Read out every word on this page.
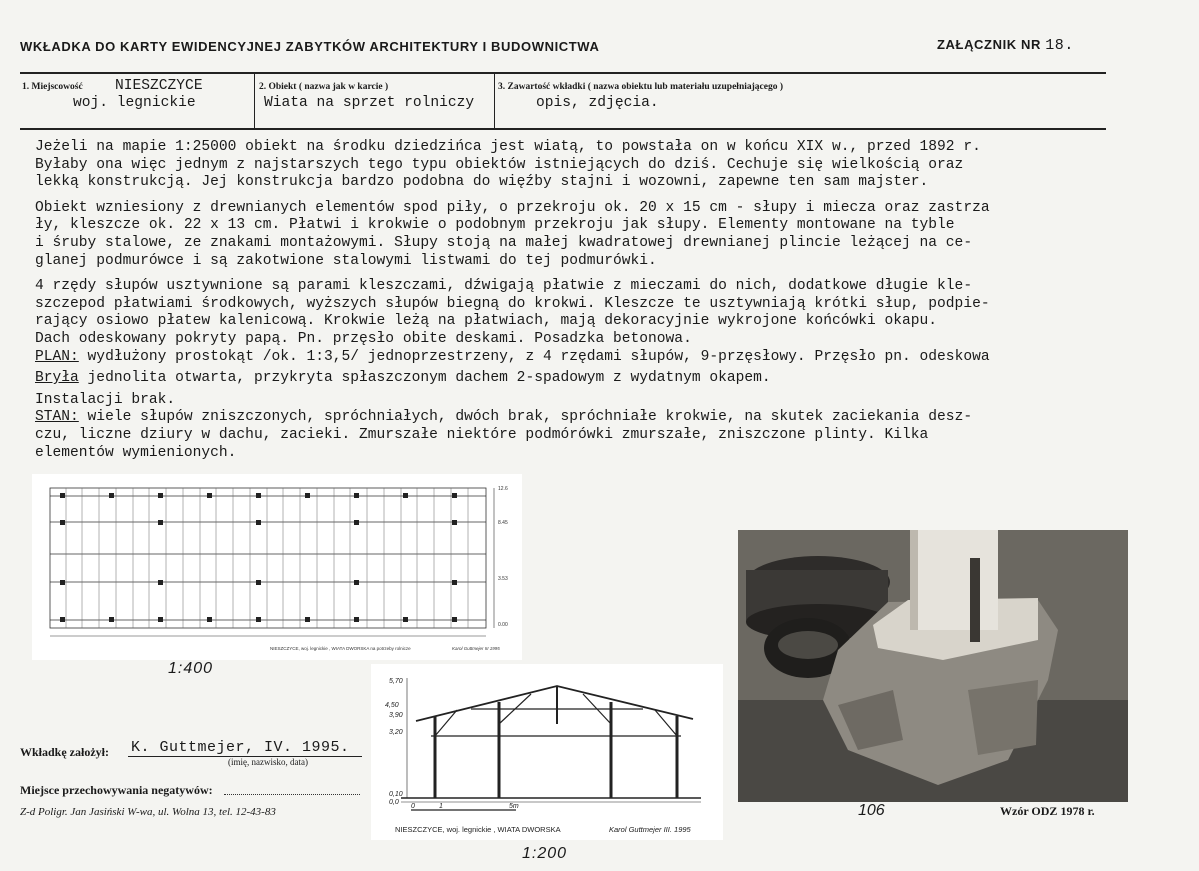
WKŁADKA DO KARTY EWIDENCYJNEJ ZABYTKÓW ARCHITEKTURY I BUDOWNICTWA	ZAŁĄCZNIK NR 18.
1. Miejscowość NIESZCZYCE
woj. legnickie
2. Obiekt ( nazwa jak w karcie )
Wiata na sprzet rolniczy
3. Zawartość wkładki ( nazwa obiektu lub materiału uzupełniającego )
opis, zdjęcia.

Jeżeli na mapie 1:25000 obiekt na środku dziedzińca jest wiatą, to powstała on w końcu XIX w., przed 1892 r.

Byłaby ona więc jednym z najstarszych tego typu obiektów istniejących do dziś. Cechuje się wielkością oraz

lekką konstrukcją. Jej konstrukcja bardzo podobna do więźby stajni i wozowni, zapewne ten sam majster.

Obiekt wzniesiony z drewnianych elementów spod piły, o przekroju ok. 20 x 15 cm - słupy i miecza oraz zastrza

ły, kleszcze ok. 22 x 13 cm. Płatwi i krokwie o podobnym przekroju jak słupy. Elementy montowane na tyble

i śruby stalowe, ze znakami montażowymi. Słupy stoją na małej kwadratowej drewnianej plincie leżącej na ce-

glanej podmurówce i są zakotwione stalowymi listwami do tej podmurówki.

4 rzędy słupów usztywnione są parami kleszczami, dźwigają płatwie z mieczami do nich, dodatkowe długie kle-

szczepod płatwiami środkowych, wyższych słupów biegną do krokwi. Kleszcze te usztywniają krótki słup, podpie-

rający osiowo płatew kalenicową. Krokwie leżą na płatwiach, mają dekoracyjnie wykrojone końcówki okapu.

Dach odeskowany pokryty papą. Pn. przęsło obite deskami. Posadzka betonowa.

PLAN: wydłużony prostokąt /ok. 1:3,5/ jednoprzestrzeny, z 4 rzędami słupów, 9-przęsłowy. Przęsło pn. odeskowa

Bryła jednolita otwarta, przykryta spłaszczonym dachem 2-spadowym z wydatnym okapem.

Instalacji brak.

STAN: wiele słupów zniszczonych, spróchniałych, dwóch brak, spróchniałe krokwie, na skutek zaciekania desz-

czu, liczne dziury w dachu, zacieki. Zmurszałe niektóre podmórówki zmurszałe, zniszczone plinty. Kilka

elementów wymienionych.

12.6
8.45
3.53
0.00
NIESZCZYCE, woj. legnickie , WIATA DWORSKA na potrzeby rolnicze	Karol Guttmejer III 1995
1:400
5,70
4,50
3,90
3,20
0,10
0,0
0	1	5m
NIESZCZYCE, woj. legnickie , WIATA DWORSKA	Karol Guttmejer III. 1995
1:200
106
Wkładkę założył: K. Guttmejer, IV. 1995.
(imię, nazwisko, data)
Miejsce przechowywania negatywów:
Z-d Poligr. Jan Jasiński W-wa, ul. Wolna 13, tel. 12-43-83	Wzór ODZ 1978 r.
